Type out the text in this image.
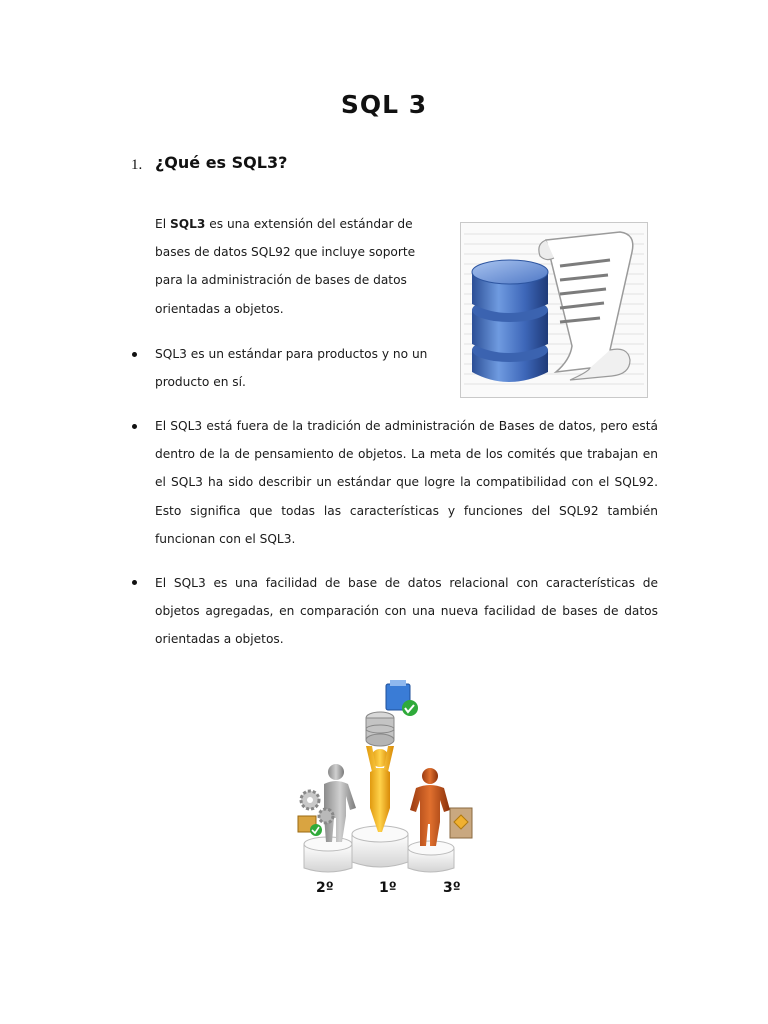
SQL 3
1. ¿Qué es SQL3?
El SQL3 es una extensión del estándar de
bases de datos SQL92 que incluye soporte
para la administración de bases de datos
orientadas a objetos.
SQL3 es un estándar para productos y no un
producto en sí.
El SQL3 está fuera de la tradición de administración de Bases de datos, pero está dentro de la de pensamiento de objetos. La meta de los comités que trabajan en el SQL3 ha sido describir un estándar que logre la compatibilidad con el SQL92. Esto significa que todas las características y funciones del SQL92 también funcionan con el SQL3.
El SQL3 es una facilidad de base de datos relacional con características de objetos agregadas, en comparación con una nueva facilidad de bases de datos orientadas a objetos.
2º	1º	3º
